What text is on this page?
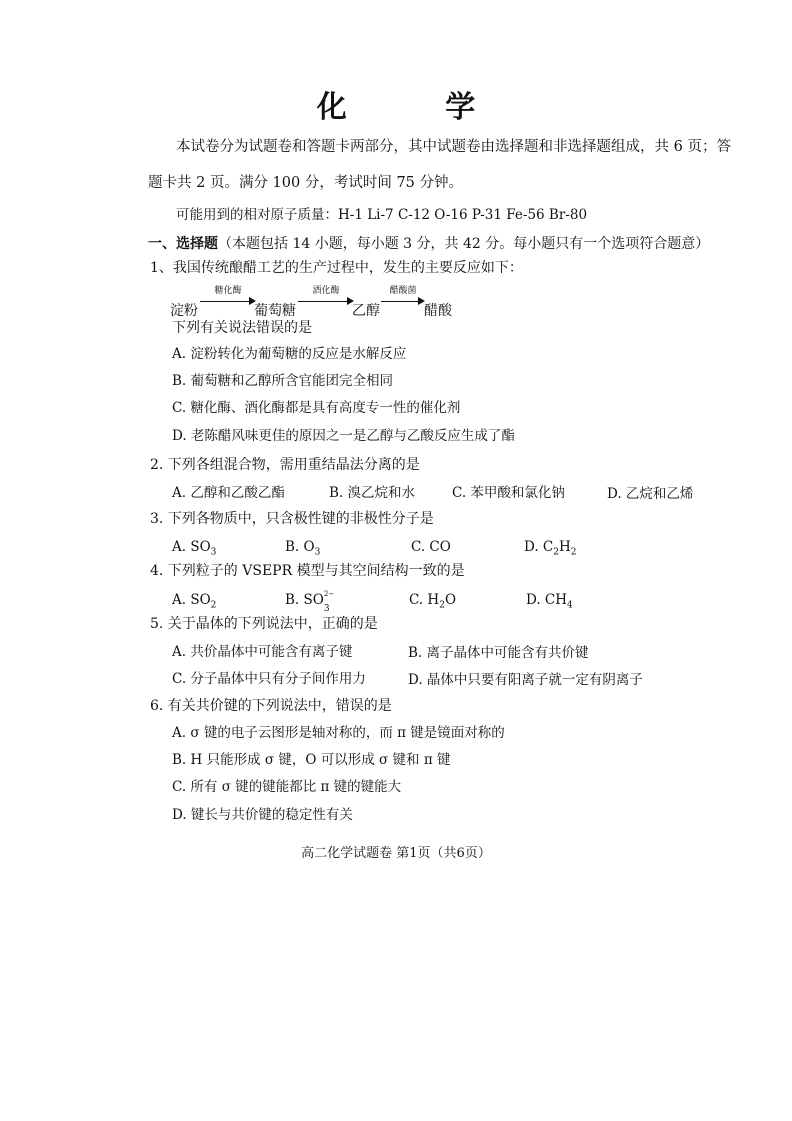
化 学
本试卷分为试题卷和答题卡两部分，其中试题卷由选择题和非选择题组成，共 6 页；答
题卡共 2 页。满分 100 分，考试时间 75 分钟。
可能用到的相对原子质量：H-1 Li-7 C-12 O-16 P-31 Fe-56 Br-80
一、选择题（本题包括 14 小题，每小题 3 分，共 42 分。每小题只有一个选项符合题意）
1、我国传统酿醋工艺的生产过程中，发生的主要反应如下：
淀粉
糖化酶
葡萄糖
酒化酶
乙醇
醋酸菌
醋酸
下列有关说法错误的是
A. 淀粉转化为葡萄糖的反应是水解反应
B. 葡萄糖和乙醇所含官能团完全相同
C. 糖化酶、酒化酶都是具有高度专一性的催化剂
D. 老陈醋风味更佳的原因之一是乙醇与乙酸反应生成了酯
2. 下列各组混合物，需用重结晶法分离的是
A. 乙醇和乙酸乙酯	B. 溴乙烷和水	C. 苯甲酸和氯化钠	D. 乙烷和乙烯
3. 下列各物质中，只含极性键的非极性分子是
A. $SO_3$	B. $O_3$	C. CO	D. $C_2H_2$
4. 下列粒子的 VSEPR 模型与其空间结构一致的是
A. $SO_2$	B. $SO_3$
2−	C. $H_2O$	D. $CH_4$
5. 关于晶体的下列说法中，正确的是
A. 共价晶体中可能含有离子键	B. 离子晶体中可能含有共价键
C. 分子晶体中只有分子间作用力	D. 晶体中只要有阳离子就一定有阴离子
6. 有关共价键的下列说法中，错误的是
A. σ 键的电子云图形是轴对称的，而 π 键是镜面对称的
B. H 只能形成 σ 键，O 可以形成 σ 键和 π 键
C. 所有 σ 键的键能都比 π 键的键能大
D. 键长与共价键的稳定性有关
高二化学试题卷 第1页（共6页）
